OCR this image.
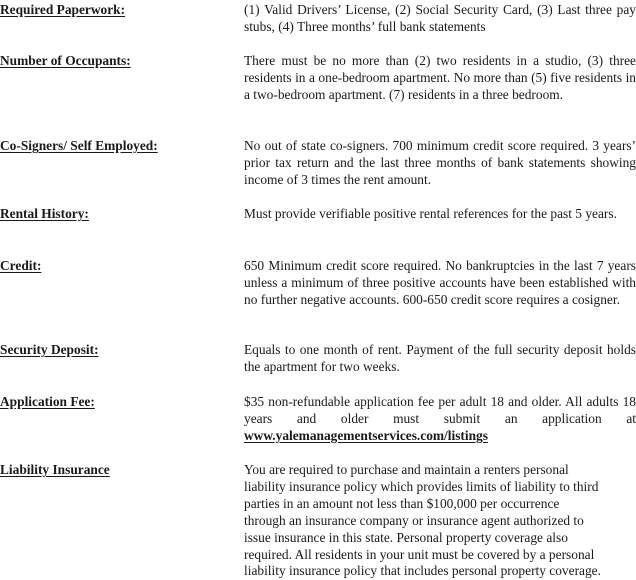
Required Paperwork:	(1) Valid Drivers’ License, (2) Social Security Card, (3) Last three pay stubs, (4) Three months’ full bank statements
Number of Occupants:	There must be no more than (2) two residents in a studio, (3) three residents in a one-bedroom apartment. No more than (5) five residents in a two-bedroom apartment. (7) residents in a three bedroom.
Co-Signers/ Self Employed:	No out of state co-signers. 700 minimum credit score required. 3 years’ prior tax return and the last three months of bank statements showing income of 3 times the rent amount.
Rental History:	Must provide verifiable positive rental references for the past 5 years.
Credit:	650 Minimum credit score required. No bankruptcies in the last 7 years unless a minimum of three positive accounts have been established with no further negative accounts. 600-650 credit score requires a cosigner.
Security Deposit:	Equals to one month of rent. Payment of the full security deposit holds the apartment for two weeks.
Application Fee:	$35 non-refundable application fee per adult 18 and older. All adults 18 years and older must submit an application at www.yalemanagementservices.com/listings
Liability Insurance	You are required to purchase and maintain a renters personal
liability insurance policy which provides limits of liability to third
parties in an amount not less than $100,000 per occurrence
through an insurance company or insurance agent authorized to
issue insurance in this state. Personal property coverage also
required. All residents in your unit must be covered by a personal
liability insurance policy that includes personal property coverage.
